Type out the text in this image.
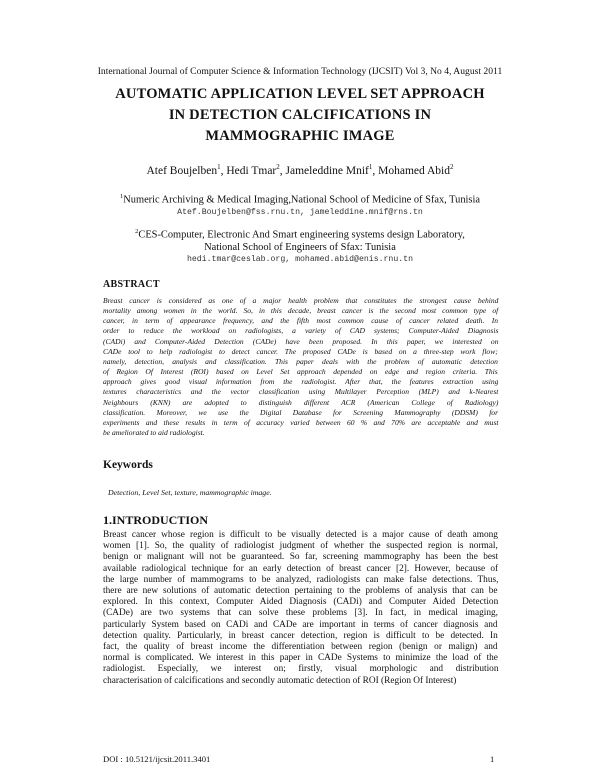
International Journal of Computer Science & Information Technology (IJCSIT) Vol 3, No 4, August 2011
AUTOMATIC APPLICATION LEVEL SET APPROACH
IN DETECTION CALCIFICATIONS IN
MAMMOGRAPHIC IMAGE
Atef Boujelben$^1$, Hedi Tmar$^2$, Jameleddine Mnif$^1$, Mohamed Abid$^2$
$^1$Numeric Archiving & Medical Imaging,National School of Medicine of Sfax, Tunisia
Atef.Boujelben@fss.rnu.tn, jameleddine.mnif@rns.tn
$^2$CES-Computer, Electronic And Smart engineering systems design Laboratory,
National School of Engineers of Sfax: Tunisia
hedi.tmar@ceslab.org, mohamed.abid@enis.rnu.tn
ABSTRACT
Breast cancer is considered as one of a major health problem that constitutes the strongest cause behind
mortality among women in the world. So, in this decade, breast cancer is the second most common type of
cancer, in term of appearance frequency, and the fifth most common cause of cancer related death. In
order to reduce the workload on radiologists, a variety of CAD systems; Computer-Aided Diagnosis
(CADi) and Computer-Aided Detection (CADe) have been proposed. In this paper, we interested on
CADe tool to help radiologist to detect cancer. The proposed CADe is based on a three-step work flow;
namely, detection, analysis and classification. This paper deals with the problem of automatic detection
of Region Of Interest (ROI) based on Level Set approach depended on edge and region criteria. This
approach gives good visual information from the radiologist. After that, the features extraction using
textures characteristics and the vector classification using Multilayer Perception (MLP) and k-Nearest
Neighbours (KNN) are adopted to distinguish different ACR (American College of Radiology)
classification. Moreover, we use the Digital Database for Screening Mammography (DDSM) for
experiments and these results in term of accuracy varied between 60 % and 70% are acceptable and must
be ameliorated to aid radiologist.
Keywords
Detection, Level Set, texture, mammographic image.
1.INTRODUCTION
Breast cancer whose region is difficult to be visually detected is a major cause of death among
women [1]. So, the quality of radiologist judgment of whether the suspected region is normal,
benign or malignant will not be guaranteed. So far, screening mammography has been the best
available radiological technique for an early detection of breast cancer [2]. However, because of
the large number of mammograms to be analyzed, radiologists can make false detections. Thus,
there are new solutions of automatic detection pertaining to the problems of analysis that can be
explored. In this context, Computer Aided Diagnosis (CADi) and Computer Aided Detection
(CADe) are two systems that can solve these problems [3]. In fact, in medical imaging,
particularly System based on CADi and CADe are important in terms of cancer diagnosis and
detection quality. Particularly, in breast cancer detection, region is difficult to be detected. In
fact, the quality of breast income the differentiation between region (benign or malign) and
normal is complicated. We interest in this paper in CADe Systems to minimize the load of the
radiologist. Especially, we interest on; firstly, visual morphologic and distribution
characterisation of calcifications and secondly automatic detection of ROI (Region Of Interest)
DOI : 10.5121/ijcsit.2011.3401	1
